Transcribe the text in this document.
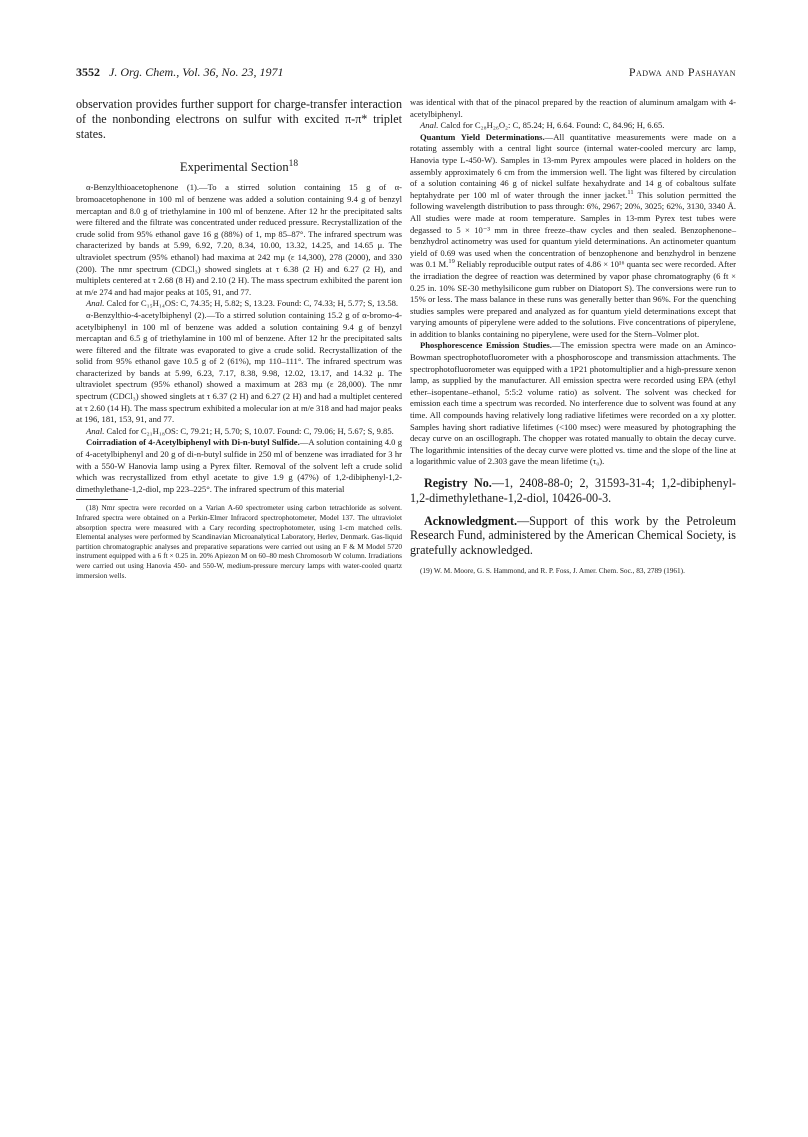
3552 J. Org. Chem., Vol. 36, No. 23, 1971	Padwa and Pashayan

observation provides further support for charge-transfer interaction of the nonbonding electrons on sulfur with excited π-π* triplet states.

Experimental Section$^{18}$

α-Benzylthioacetophenone (1).—To a stirred solution containing 15 g of α-bromoacetophenone in 100 ml of benzene was added a solution containing 9.4 g of benzyl mercaptan and 8.0 g of triethylamine in 100 ml of benzene. After 12 hr the precipitated salts were filtered and the filtrate was concentrated under reduced pressure. Recrystallization of the crude solid from 95% ethanol gave 16 g (88%) of 1, mp 85–87°. The infrared spectrum was characterized by bands at 5.99, 6.92, 7.20, 8.34, 10.00, 13.32, 14.25, and 14.65 μ. The ultraviolet spectrum (95% ethanol) had maxima at 242 mμ (ε 14,300), 278 (2000), and 330 (200). The nmr spectrum (CDCl₃) showed singlets at τ 6.38 (2 H) and 6.27 (2 H), and multiplets centered at τ 2.68 (8 H) and 2.10 (2 H). The mass spectrum exhibited the parent ion at m/e 274 and had major peaks at 105, 91, and 77.

Anal. Calcd for C₁₅H₁₄OS: C, 74.35; H, 5.82; S, 13.23. Found: C, 74.33; H, 5.77; S, 13.58.

α-Benzylthio-4-acetylbiphenyl (2).—To a stirred solution containing 15.2 g of α-bromo-4-acetylbiphenyl in 100 ml of benzene was added a solution containing 9.4 g of benzyl mercaptan and 6.5 g of triethylamine in 100 ml of benzene. After 12 hr the precipitated salts were filtered and the filtrate was evaporated to give a crude solid. Recrystallization of the solid from 95% ethanol gave 10.5 g of 2 (61%), mp 110–111°. The infrared spectrum was characterized by bands at 5.99, 6.23, 7.17, 8.38, 9.98, 12.02, 13.17, and 14.32 μ. The ultraviolet spectrum (95% ethanol) showed a maximum at 283 mμ (ε 28,000). The nmr spectrum (CDCl₃) showed singlets at τ 6.37 (2 H) and 6.27 (2 H) and had a multiplet centered at τ 2.60 (14 H). The mass spectrum exhibited a molecular ion at m/e 318 and had major peaks at 196, 181, 153, 91, and 77.

Anal. Calcd for C₂₁H₁₈OS: C, 79.21; H, 5.70; S, 10.07. Found: C, 79.06; H, 5.67; S, 9.85.

Coirradiation of 4-Acetylbiphenyl with Di-n-butyl Sulfide.—A solution containing 4.0 g of 4-acetylbiphenyl and 20 g of di-n-butyl sulfide in 250 ml of benzene was irradiated for 3 hr with a 550-W Hanovia lamp using a Pyrex filter. Removal of the solvent left a crude solid which was recrystallized from ethyl acetate to give 1.9 g (47%) of 1,2-dibiphenyl-1,2-dimethylethane-1,2-diol, mp 223–225°. The infrared spectrum of this material

(18) Nmr spectra were recorded on a Varian A-60 spectrometer using carbon tetrachloride as solvent. Infrared spectra were obtained on a Perkin-Elmer Infracord spectrophotometer, Model 137. The ultraviolet absorption spectra were measured with a Cary recording spectrophotometer, using 1-cm matched cells. Elemental analyses were performed by Scandinavian Microanalytical Laboratory, Herlev, Denmark. Gas-liquid partition chromatographic analyses and preparative separations were carried out using an F & M Model 5720 instrument equipped with a 6 ft × 0.25 in. 20% Apiezon M on 60–80 mesh Chromosorb W column. Irradiations were carried out using Hanovia 450- and 550-W, medium-pressure mercury lamps with water-cooled quartz immersion wells.

was identical with that of the pinacol prepared by the reaction of aluminum amalgam with 4-acetylbiphenyl.

Anal. Calcd for C₂₈H₂₆O₂: C, 85.24; H, 6.64. Found: C, 84.96; H, 6.65.

Quantum Yield Determinations.—All quantitative measurements were made on a rotating assembly with a central light source (internal water-cooled mercury arc lamp, Hanovia type L-450-W). Samples in 13-mm Pyrex ampoules were placed in holders on the assembly approximately 6 cm from the immersion well. The light was filtered by circulation of a solution containing 46 g of nickel sulfate hexahydrate and 14 g of cobaltous sulfate heptahydrate per 100 ml of water through the inner jacket.$^{11}$ This solution permitted the following wavelength distribution to pass through: 6%, 2967; 20%, 3025; 62%, 3130, 3340 Å. All studies were made at room temperature. Samples in 13-mm Pyrex test tubes were degassed to 5 × 10⁻³ mm in three freeze–thaw cycles and then sealed. Benzophenone–benzhydrol actinometry was used for quantum yield determinations. An actinometer quantum yield of 0.69 was used when the concentration of benzophenone and benzhydrol in benzene was 0.1 M.$^{19}$ Reliably reproducible output rates of 4.86 × 10¹⁶ quanta sec were recorded. After the irradiation the degree of reaction was determined by vapor phase chromatography (6 ft × 0.25 in. 10% SE-30 methylsilicone gum rubber on Diatoport S). The conversions were run to 15% or less. The mass balance in these runs was generally better than 96%. For the quenching studies samples were prepared and analyzed as for quantum yield determinations except that varying amounts of piperylene were added to the solutions. Five concentrations of piperylene, in addition to blanks containing no piperylene, were used for the Stern–Volmer plot.

Phosphorescence Emission Studies.—The emission spectra were made on an Aminco-Bowman spectrophotofluorometer with a phosphoroscope and transmission attachments. The spectrophotofluorometer was equipped with a 1P21 photomultiplier and a high-pressure xenon lamp, as supplied by the manufacturer. All emission spectra were recorded using EPA (ethyl ether–isopentane–ethanol, 5:5:2 volume ratio) as solvent. The solvent was checked for emission each time a spectrum was recorded. No interference due to solvent was found at any time. All compounds having relatively long radiative lifetimes were recorded on a xy plotter. Samples having short radiative lifetimes (<100 msec) were measured by photographing the decay curve on an oscillograph. The chopper was rotated manually to obtain the decay curve. The logarithmic intensities of the decay curve were plotted vs. time and the slope of the line at a logarithmic value of 2.303 gave the mean lifetime (τ₀).

Registry No.—1, 2408-88-0; 2, 31593-31-4; 1,2-dibiphenyl-1,2-dimethylethane-1,2-diol, 10426-00-3.

Acknowledgment.—Support of this work by the Petroleum Research Fund, administered by the American Chemical Society, is gratefully acknowledged.

(19) W. M. Moore, G. S. Hammond, and R. P. Foss, J. Amer. Chem. Soc., 83, 2789 (1961).
